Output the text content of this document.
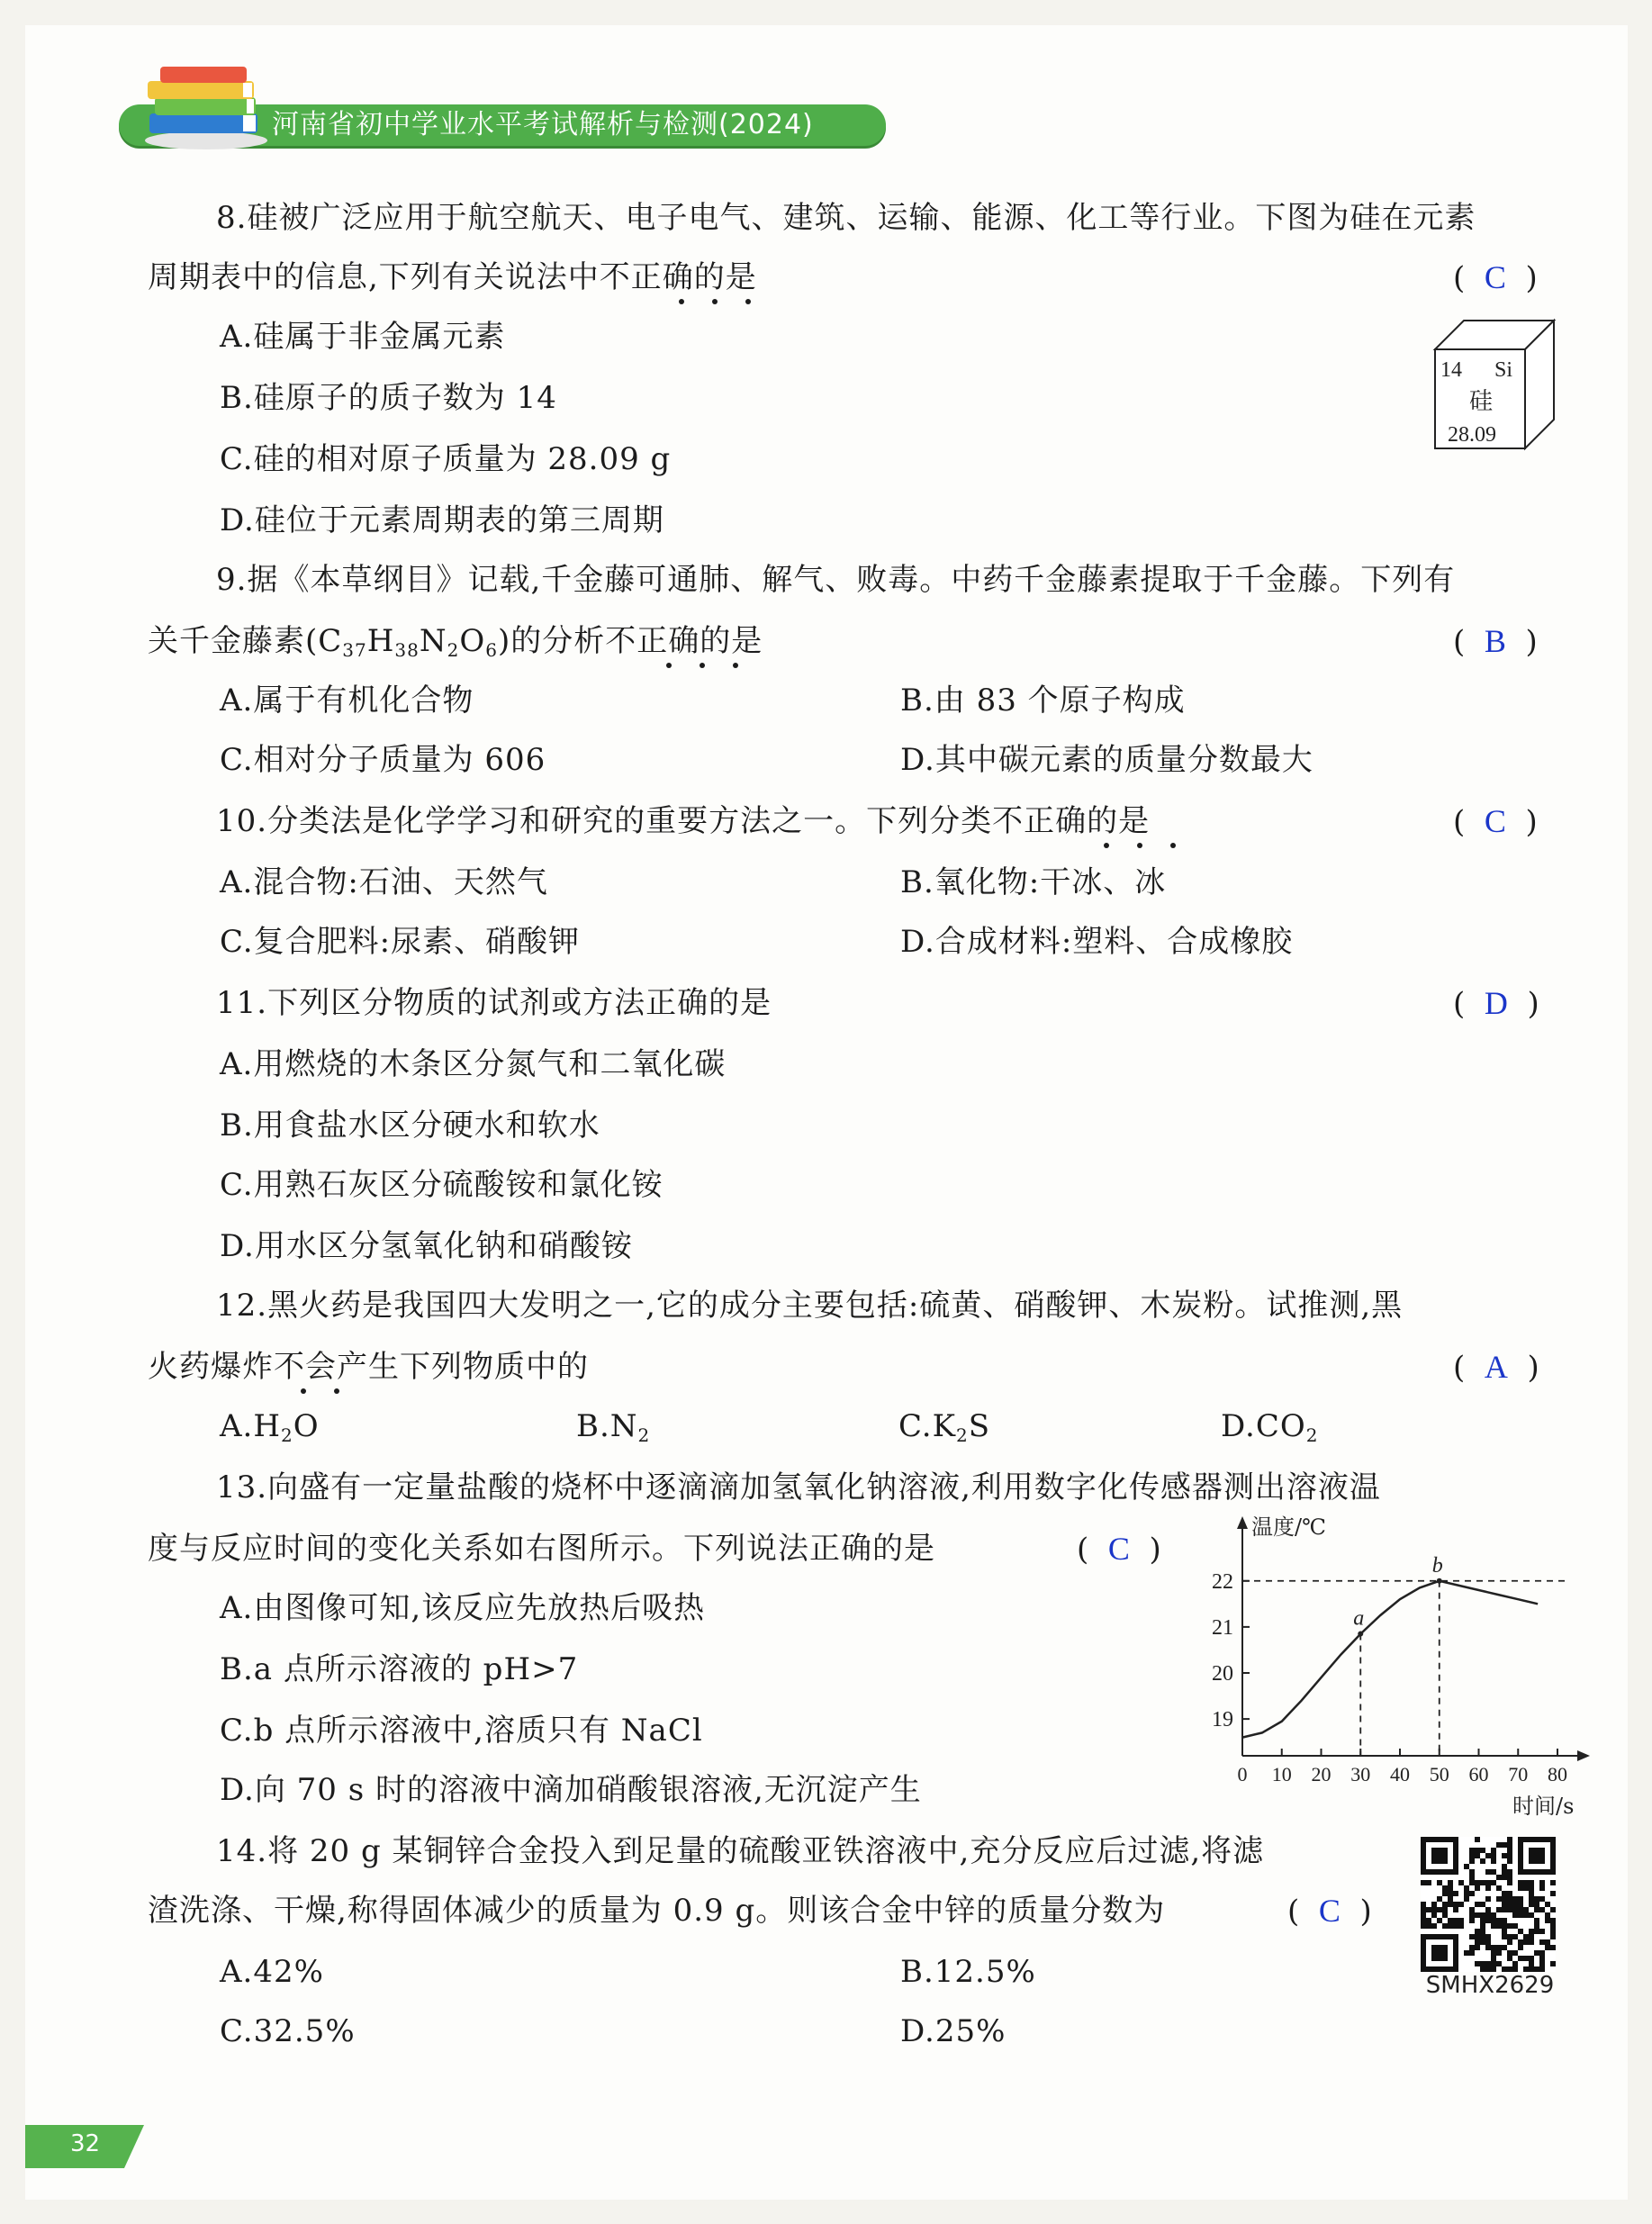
河南省初中学业水平考试解析与检测(2024)
8.硅被广泛应用于航空航天、电子电气、建筑、运输、能源、化工等行业。下图为硅在元素
周期表中的信息,下列有关说法中不正确的是	(  C  )
A.硅属于非金属元素
B.硅原子的质子数为 14
C.硅的相对原子质量为 28.09 g
D.硅位于元素周期表的第三周期
14 Si
硅
28.09
9.据《本草纲目》记载,千金藤可通肺、解气、败毒。中药千金藤素提取于千金藤。下列有
关千金藤素$(C_{37}H_{38}N_2O_6)$的分析不正确的是	(  B  )
A.属于有机化合物	B.由 83 个原子构成
C.相对分子质量为 606	D.其中碳元素的质量分数最大
10.分类法是化学学习和研究的重要方法之一。下列分类不正确的是	(  C  )
A.混合物:石油、天然气	B.氧化物:干冰、冰
C.复合肥料:尿素、硝酸钾	D.合成材料:塑料、合成橡胶
11.下列区分物质的试剂或方法正确的是	(  D  )
A.用燃烧的木条区分氮气和二氧化碳
B.用食盐水区分硬水和软水
C.用熟石灰区分硫酸铵和氯化铵
D.用水区分氢氧化钠和硝酸铵
12.黑火药是我国四大发明之一,它的成分主要包括:硫黄、硝酸钾、木炭粉。试推测,黑
火药爆炸不会产生下列物质中的	(  A  )
$A.H_2O$	$B.N_2$	$C.K_2S$	$D.CO_2$
13.向盛有一定量盐酸的烧杯中逐滴滴加氢氧化钠溶液,利用数字化传感器测出溶液温
度与反应时间的变化关系如右图所示。下列说法正确的是	(  C  )
A.由图像可知,该反应先放热后吸热
B.a 点所示溶液的 pH>7
C.b 点所示溶液中,溶质只有 NaCl
D.向 70 s 时的溶液中滴加硝酸银溶液,无沉淀产生
a
b
0 10 20 30 40 50 60 70 80
19
20
21
22
温度/℃
时间/s
14.将 20 g 某铜锌合金投入到足量的硫酸亚铁溶液中,充分反应后过滤,将滤
渣洗涤、干燥,称得固体减少的质量为 0.9 g。则该合金中锌的质量分数为	(  C  )
A.42%	B.12.5%
C.32.5%	D.25%
SMHX2629
32
